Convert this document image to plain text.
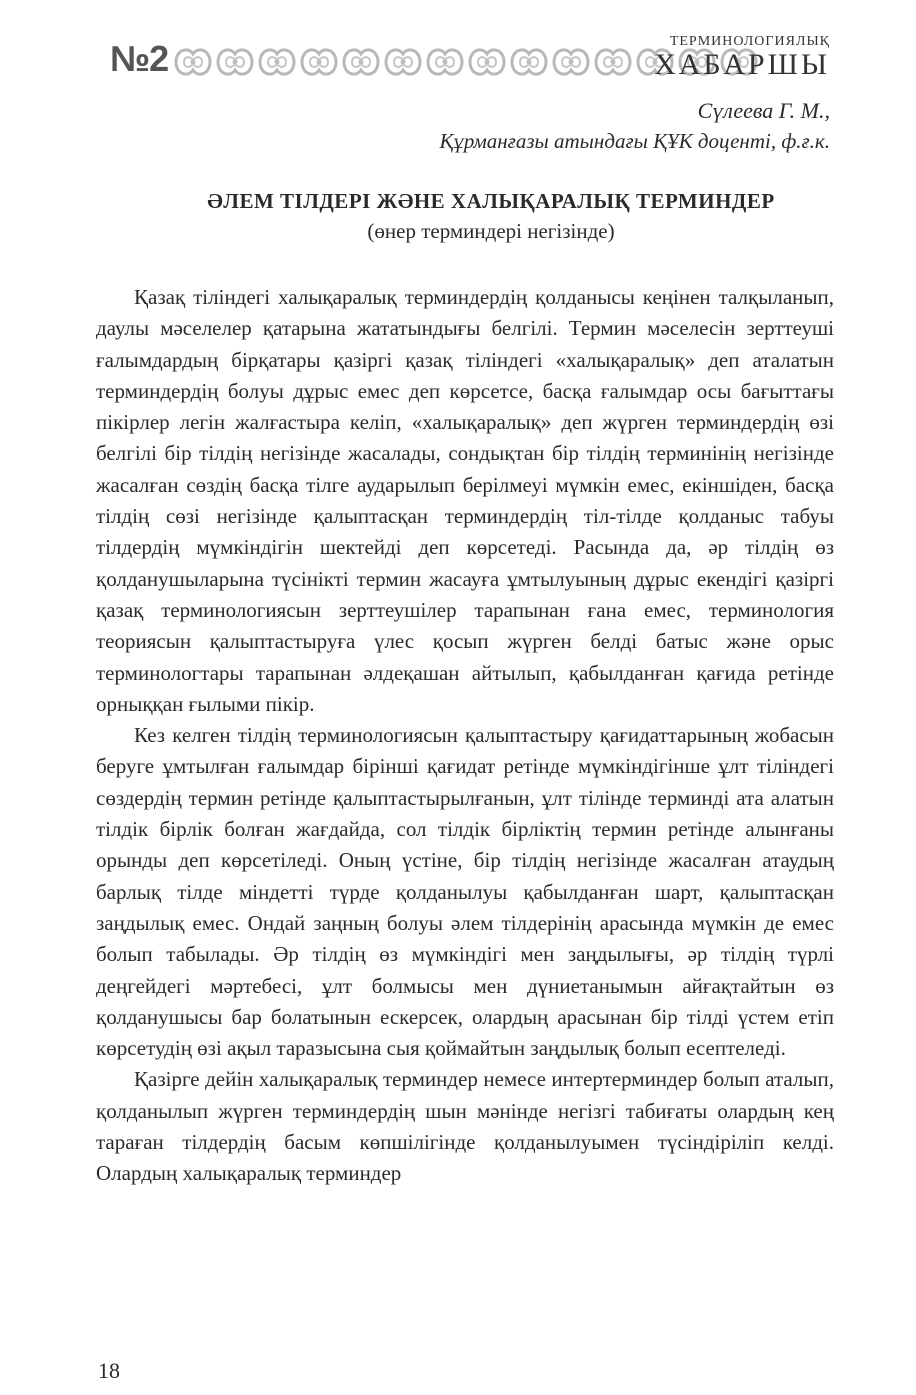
№2	ТЕРМИНОЛОГИЯЛЫҚ
ХАБАРШЫ
Сүлеева Г. М.,
Құрманғазы атындағы ҚҰК доценті, ф.ғ.к.
ӘЛЕМ ТІЛДЕРІ ЖӘНЕ ХАЛЫҚАРАЛЫҚ ТЕРМИНДЕР
(өнер терминдері негізінде)

Қазақ тіліндегі халықаралық терминдердің қолданысы кеңінен талқыланып, даулы мәселелер қатарына жататындығы белгілі. Термин мәселесін зерттеуші ғалымдардың бірқатары қазіргі қазақ тіліндегі «халықаралық» деп аталатын терминдердің болуы дұрыс емес деп көрсетсе, басқа ғалымдар осы бағыттағы пікірлер легін жалғастыра келіп, «халықаралық» деп жүрген терминдердің өзі белгілі бір тілдің негізінде жасалады, сондықтан бір тілдің терминінің негізінде жасалған сөздің басқа тілге аударылып берілмеуі мүмкін емес, екіншіден, басқа тілдің сөзі негізінде қалыптасқан терминдердің тіл-тілде қолданыс табуы тілдердің мүмкіндігін шектейді деп көрсетеді. Расында да, әр тілдің өз қолданушыларына түсінікті термин жасауға ұмтылуының дұрыс екендігі қазіргі қазақ терминологиясын зерттеушілер тарапынан ғана емес, терминология теориясын қалыптастыруға үлес қосып жүрген белді батыс және орыс терминологтары тарапынан әлдеқашан айтылып, қабылданған қағида ретінде орныққан ғылыми пікір.

Кез келген тілдің терминологиясын қалыптастыру қағидаттарының жобасын беруге ұмтылған ғалымдар бірінші қағидат ретінде мүмкіндігінше ұлт тіліндегі сөздердің термин ретінде қалыптастырылғанын, ұлт тілінде терминді ата алатын тілдік бірлік болған жағдайда, сол тілдік бірліктің термин ретінде алынғаны орынды деп көрсетіледі. Оның үстіне, бір тілдің негізінде жасалған атаудың барлық тілде міндетті түрде қолданылуы қабылданған шарт, қалыптасқан заңдылық емес. Ондай заңның болуы әлем тілдерінің арасында мүмкін де емес болып табылады. Әр тілдің өз мүмкіндігі мен заңдылығы, әр тілдің түрлі деңгейдегі мәртебесі, ұлт болмысы мен дүниетанымын айғақтайтын өз қолданушысы бар болатынын ескерсек, олардың арасынан бір тілді үстем етіп көрсетудің өзі ақыл таразысына сыя қоймайтын заңдылық болып есептеледі.

Қазірге дейін халықаралық терминдер немесе интертерминдер болып аталып, қолданылып жүрген терминдердің шын мәнінде негізгі табиғаты олардың кең тараған тілдердің басым көпшілігінде қолданылуымен түсіндіріліп келді. Олардың халықаралық терминдер

18
